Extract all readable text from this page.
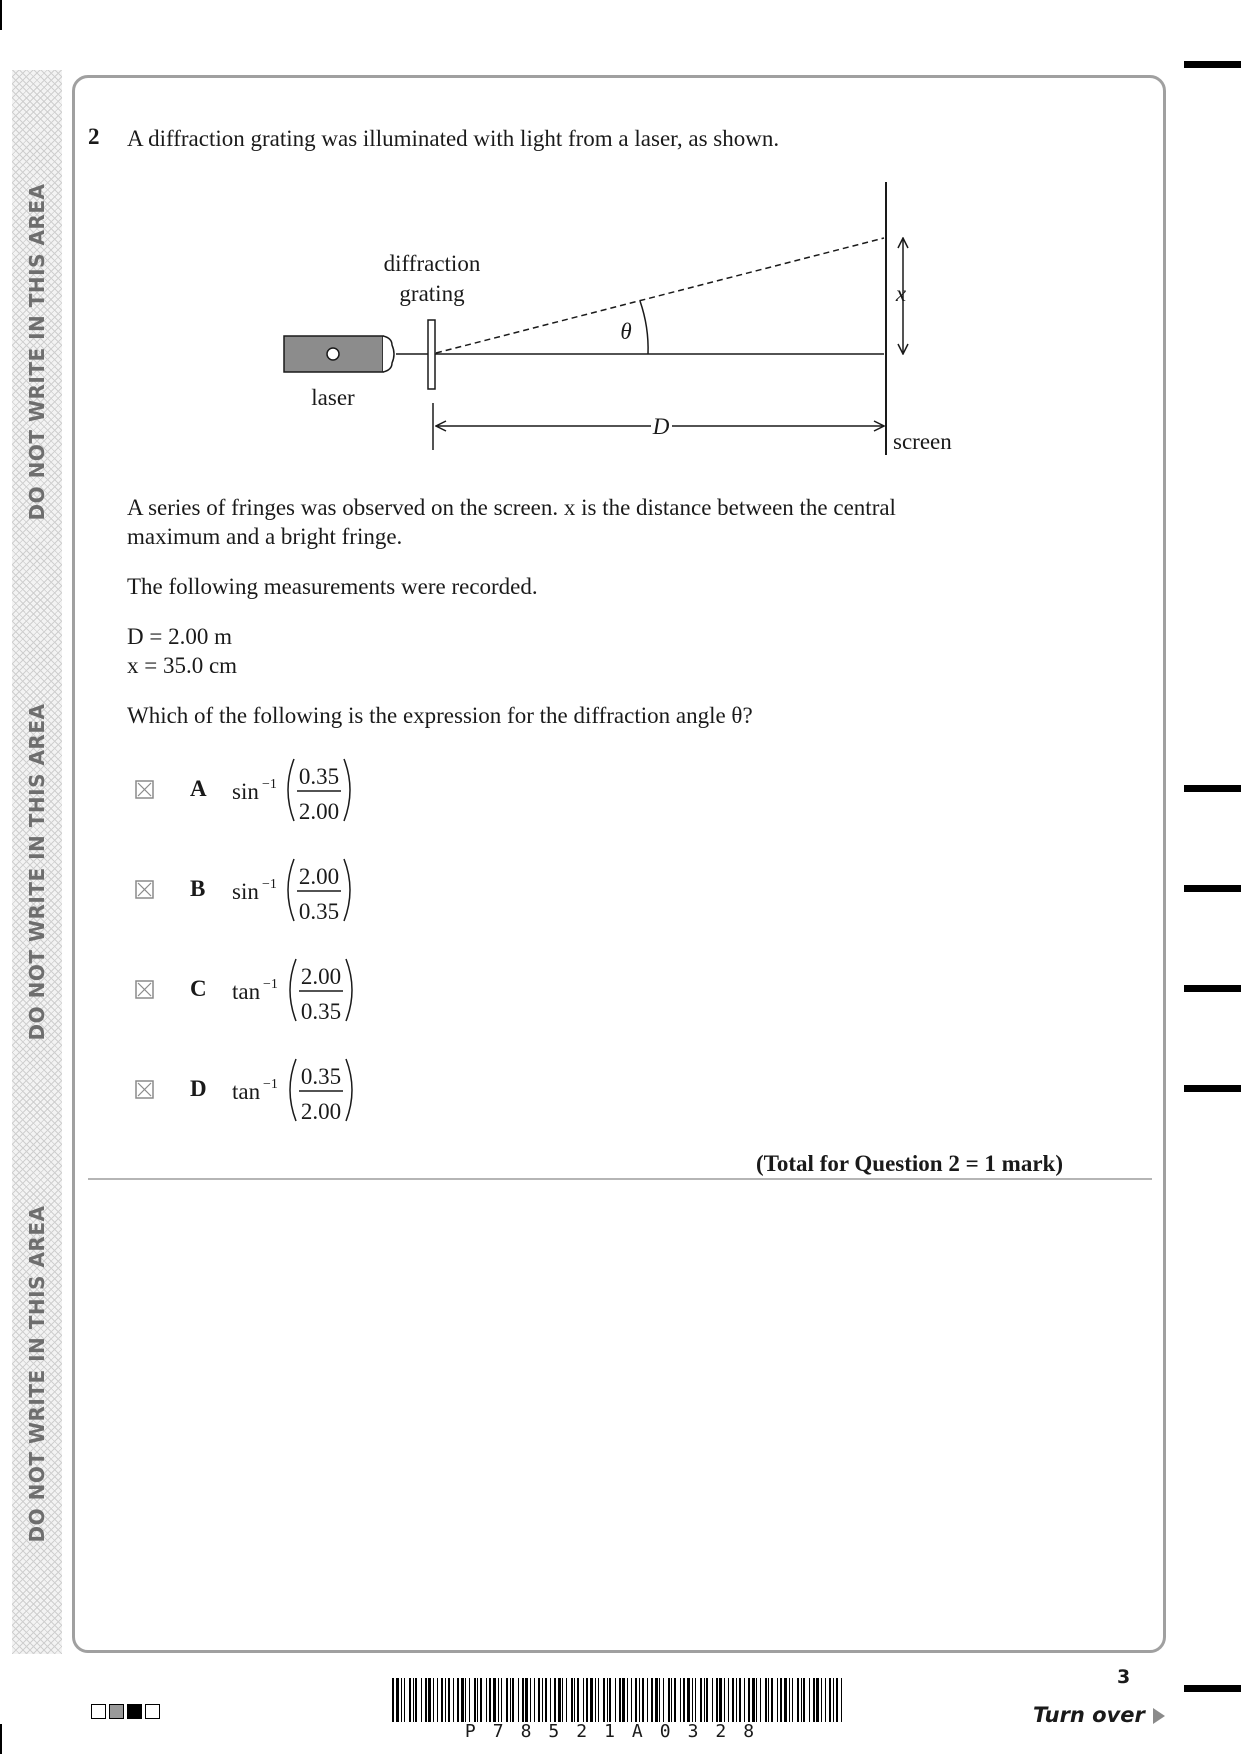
DO NOT WRITE IN THIS AREA
DO NOT WRITE IN THIS AREA
DO NOT WRITE IN THIS AREA
2 A diffraction grating was illuminated with light from a laser, as shown.
diffraction
grating
laser
screen
θ
x
D
A series of fringes was observed on the screen. x is the distance between the central
maximum and a bright fringe.
The following measurements were recorded.
D = 2.00 m
x = 35.0 cm
Which of the following is the expression for the diffraction angle θ?
A sin −1 0.35
2.00
B sin −1 2.00
0.35
C tan −1 2.00
0.35
D tan −1 0.35
2.00
(Total for Question 2 = 1 mark)
P78521A0328
3
Turn over
